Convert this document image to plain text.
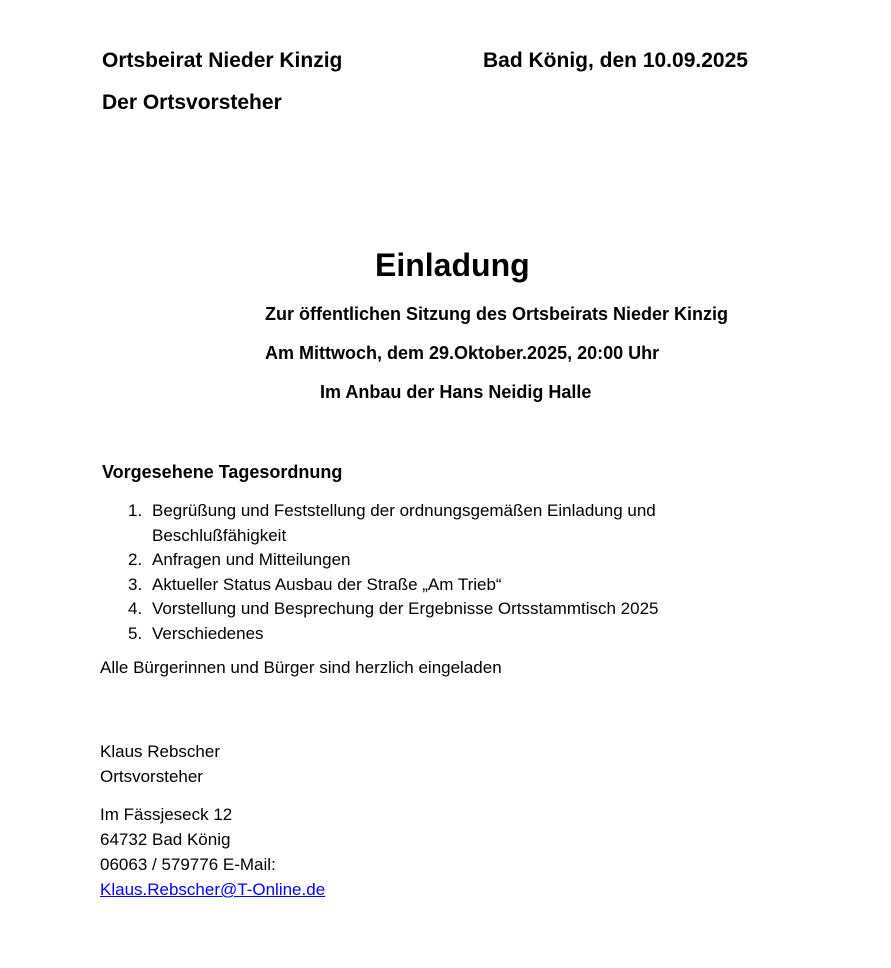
Ortsbeirat Nieder Kinzig	Bad König, den 10.09.2025
Der Ortsvorsteher
Einladung
Zur öffentlichen Sitzung des Ortsbeirats Nieder Kinzig
Am Mittwoch, dem 29.Oktober.2025, 20:00 Uhr
Im Anbau der Hans Neidig Halle
Vorgesehene Tagesordnung
1. Begrüßung und Feststellung der ordnungsgemäßen Einladung und Beschlußfähigkeit
2. Anfragen und Mitteilungen
3. Aktueller Status Ausbau der Straße „Am Trieb“
4. Vorstellung und Besprechung der Ergebnisse Ortsstammtisch 2025
5. Verschiedenes
Alle Bürgerinnen und Bürger sind herzlich eingeladen
Klaus Rebscher
Ortsvorsteher
Im Fässjeseck 12
64732 Bad König
06063 / 579776 E-Mail:
Klaus.Rebscher@T-Online.de
